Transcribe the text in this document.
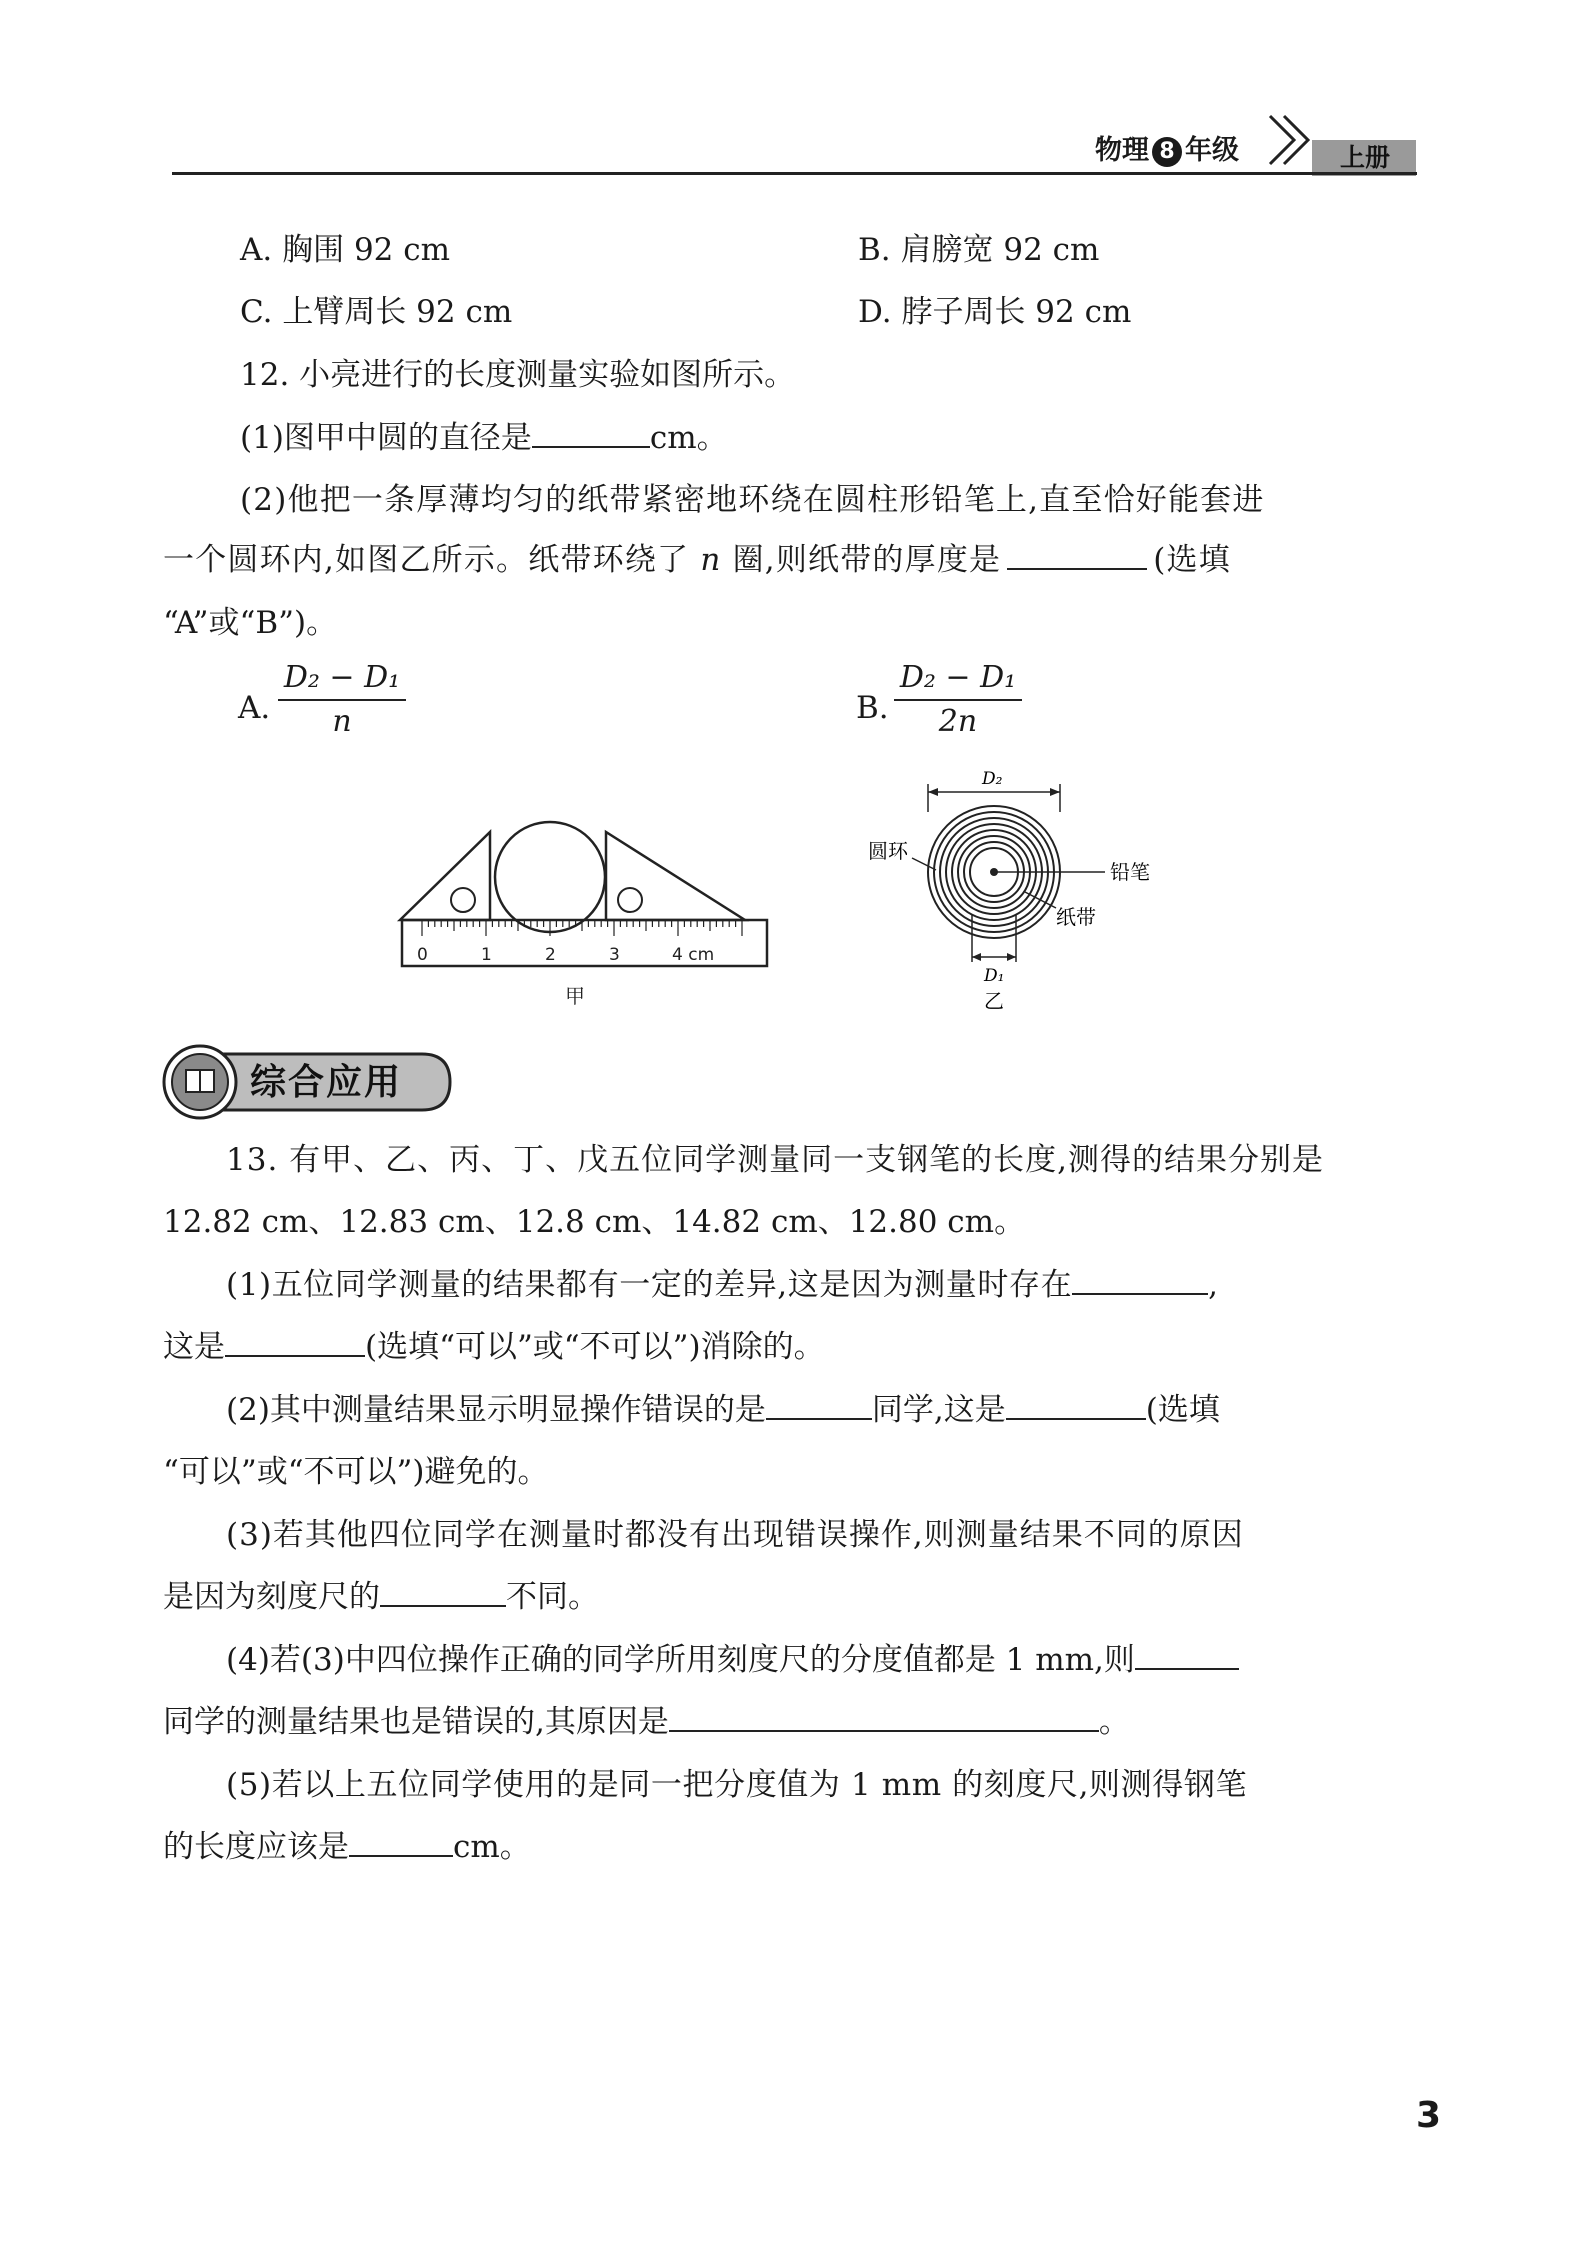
物理 8 年级	上册
A. 胸围 92 cm	B. 肩膀宽 92 cm
C. 上臂周长 92 cm	D. 脖子周长 92 cm
12. 小亮进行的长度测量实验如图所示。
(1)图甲中圆的直径是	cm。
(2)他把一条厚薄均匀的纸带紧密地环绕在圆柱形铅笔上,直至恰好能套进
一个圆环内,如图乙所示。纸带环绕了 n 圈,则纸带的厚度是	(选填
“A”或“B”)。
A.
D₂ − D₁
n	B.
D₂ − D₁
2n
0	1	2	3	4 cm
甲
D₂
铅笔
圆环
纸带
D₁
乙
综合应用
13. 有甲、乙、丙、丁、戊五位同学测量同一支钢笔的长度,测得的结果分别是
12.82 cm、12.83 cm、12.8 cm、14.82 cm、12.80 cm。
(1)五位同学测量的结果都有一定的差异,这是因为测量时存在	,
这是	(选填“可以”或“不可以”)消除的。
(2)其中测量结果显示明显操作错误的是	同学,这是	(选填
“可以”或“不可以”)避免的。
(3)若其他四位同学在测量时都没有出现错误操作,则测量结果不同的原因
是因为刻度尺的	不同。
(4)若(3)中四位操作正确的同学所用刻度尺的分度值都是 1 mm,则
同学的测量结果也是错误的,其原因是	。
(5)若以上五位同学使用的是同一把分度值为 1 mm 的刻度尺,则测得钢笔
的长度应该是	cm。
3
